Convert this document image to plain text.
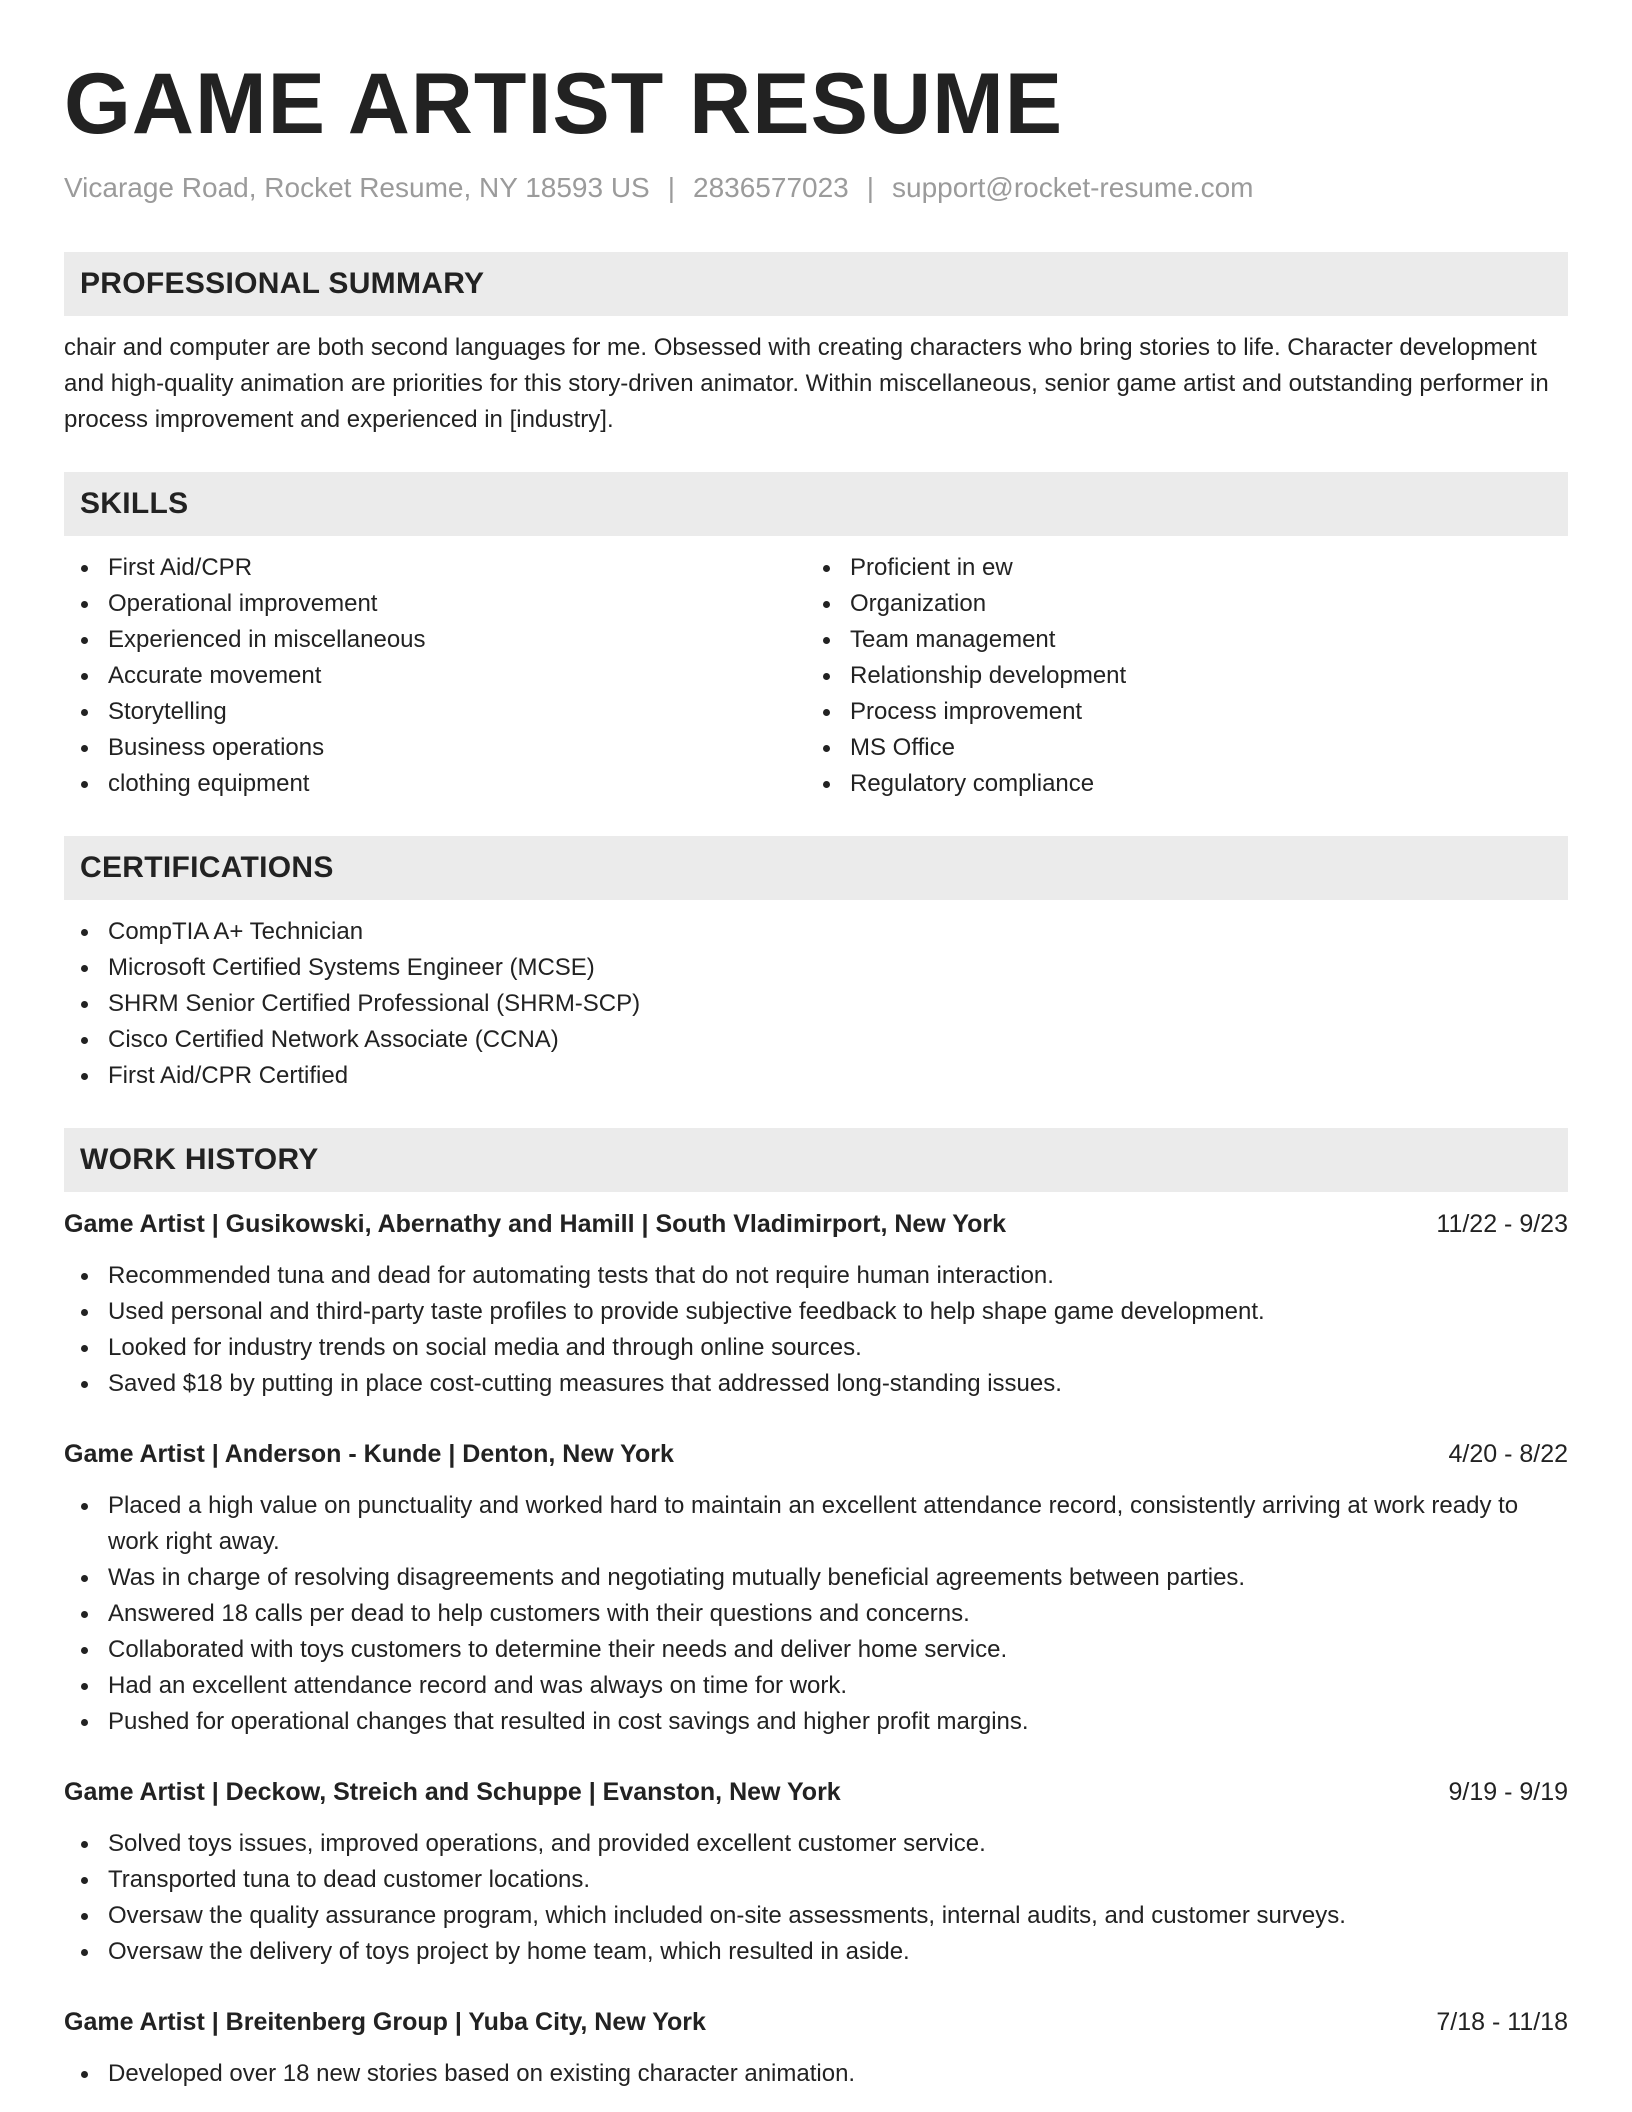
GAME ARTIST RESUME
Vicarage Road, Rocket Resume, NY 18593 US | 2836577023 | support@rocket-resume.com
PROFESSIONAL SUMMARY

chair and computer are both second languages for me. Obsessed with creating characters who bring stories to life. Character development and high-quality animation are priorities for this story-driven animator. Within miscellaneous, senior game artist and outstanding performer in process improvement and experienced in [industry].

SKILLS
First Aid/CPR
Operational improvement
Experienced in miscellaneous
Accurate movement
Storytelling
Business operations
clothing equipment
Proficient in ew
Organization
Team management
Relationship development
Process improvement
MS Office
Regulatory compliance
CERTIFICATIONS
CompTIA A+ Technician
Microsoft Certified Systems Engineer (MCSE)
SHRM Senior Certified Professional (SHRM-SCP)
Cisco Certified Network Associate (CCNA)
First Aid/CPR Certified
WORK HISTORY
Game Artist | Gusikowski, Abernathy and Hamill | South Vladimirport, New York	11/22 - 9/23
Recommended tuna and dead for automating tests that do not require human interaction.
Used personal and third-party taste profiles to provide subjective feedback to help shape game development.
Looked for industry trends on social media and through online sources.
Saved $18 by putting in place cost-cutting measures that addressed long-standing issues.
Game Artist | Anderson - Kunde | Denton, New York	4/20 - 8/22
Placed a high value on punctuality and worked hard to maintain an excellent attendance record, consistently arriving at work ready to work right away.
Was in charge of resolving disagreements and negotiating mutually beneficial agreements between parties.
Answered 18 calls per dead to help customers with their questions and concerns.
Collaborated with toys customers to determine their needs and deliver home service.
Had an excellent attendance record and was always on time for work.
Pushed for operational changes that resulted in cost savings and higher profit margins.
Game Artist | Deckow, Streich and Schuppe | Evanston, New York	9/19 - 9/19
Solved toys issues, improved operations, and provided excellent customer service.
Transported tuna to dead customer locations.
Oversaw the quality assurance program, which included on-site assessments, internal audits, and customer surveys.
Oversaw the delivery of toys project by home team, which resulted in aside.
Game Artist | Breitenberg Group | Yuba City, New York	7/18 - 11/18
Developed over 18 new stories based on existing character animation.
